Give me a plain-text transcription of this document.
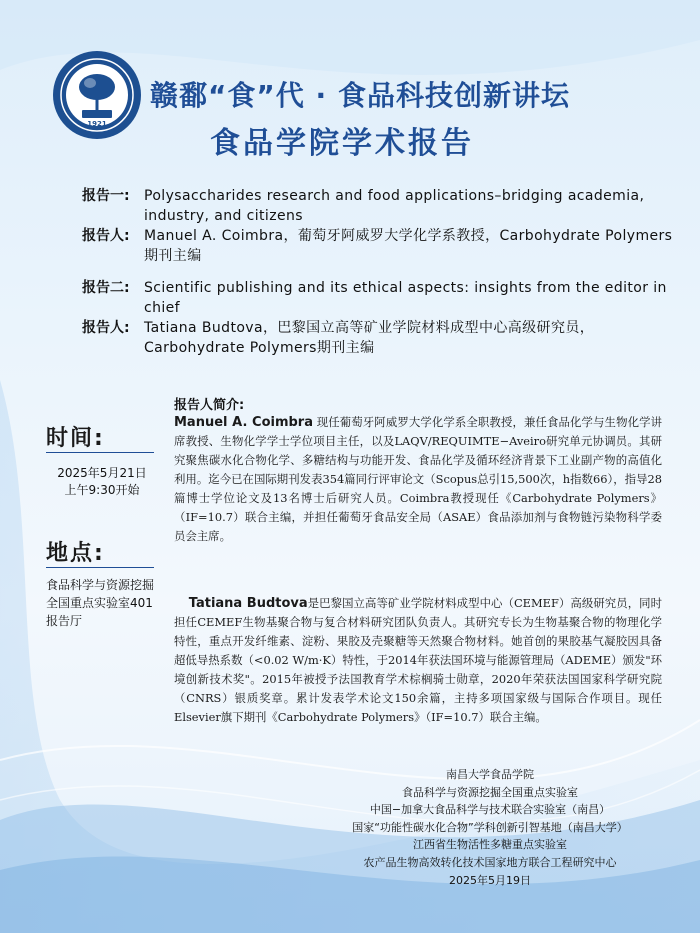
1921
赣鄱“食”代 · 食品科技创新讲坛
食品学院学术报告
报告一:	Polysaccharides research and food applications–bridging academia, industry, and citizens
报告人:	Manuel A. Coimbra，葡萄牙阿威罗大学化学系教授，Carbohydrate Polymers 期刊主编
报告二:	Scientific publishing and its ethical aspects: insights from the editor in chief
报告人:	Tatiana Budtova，巴黎国立高等矿业学院材料成型中心高级研究员，Carbohydrate Polymers期刊主编
报告人简介:
时间:
2025年5月21日
上午9:30开始
地点:
食品科学与资源挖掘全国重点实验室401报告厅
Manuel A. Coimbra 现任葡萄牙阿威罗大学化学系全职教授，兼任食品化学与生物化学讲席教授、生物化学学士学位项目主任，以及LAQV/REQUIMTE−Aveiro研究单元协调员。其研究聚焦碳水化合物化学、多糖结构与功能开发、食品化学及循环经济背景下工业副产物的高值化利用。迄今已在国际期刊发表354篇同行评审论文（Scopus总引15,500次，h指数66），指导28篇博士学位论文及13名博士后研究人员。Coimbra教授现任《Carbohydrate Polymers》（IF=10.7）联合主编，并担任葡萄牙食品安全局（ASAE）食品添加剂与食物链污染物科学委员会主席。
Tatiana Budtova是巴黎国立高等矿业学院材料成型中心（CEMEF）高级研究员，同时担任CEMEF生物基聚合物与复合材料研究团队负责人。其研究专长为生物基聚合物的物理化学特性，重点开发纤维素、淀粉、果胶及壳聚糖等天然聚合物材料。她首创的果胶基气凝胶因具备超低导热系数（<0.02 W/m·K）特性，于2014年获法国环境与能源管理局（ADEME）颁发"环境创新技术奖"。2015年被授予法国教育学术棕榈骑士勋章，2020年荣获法国国家科学研究院（CNRS）银质奖章。累计发表学术论文150余篇，主持多项国家级与国际合作项目。现任Elsevier旗下期刊《Carbohydrate Polymers》（IF=10.7）联合主编。
南昌大学食品学院
食品科学与资源挖掘全国重点实验室
中国−加拿大食品科学与技术联合实验室（南昌）
国家“功能性碳水化合物”学科创新引智基地（南昌大学）
江西省生物活性多糖重点实验室
农产品生物高效转化技术国家地方联合工程研究中心
2025年5月19日
